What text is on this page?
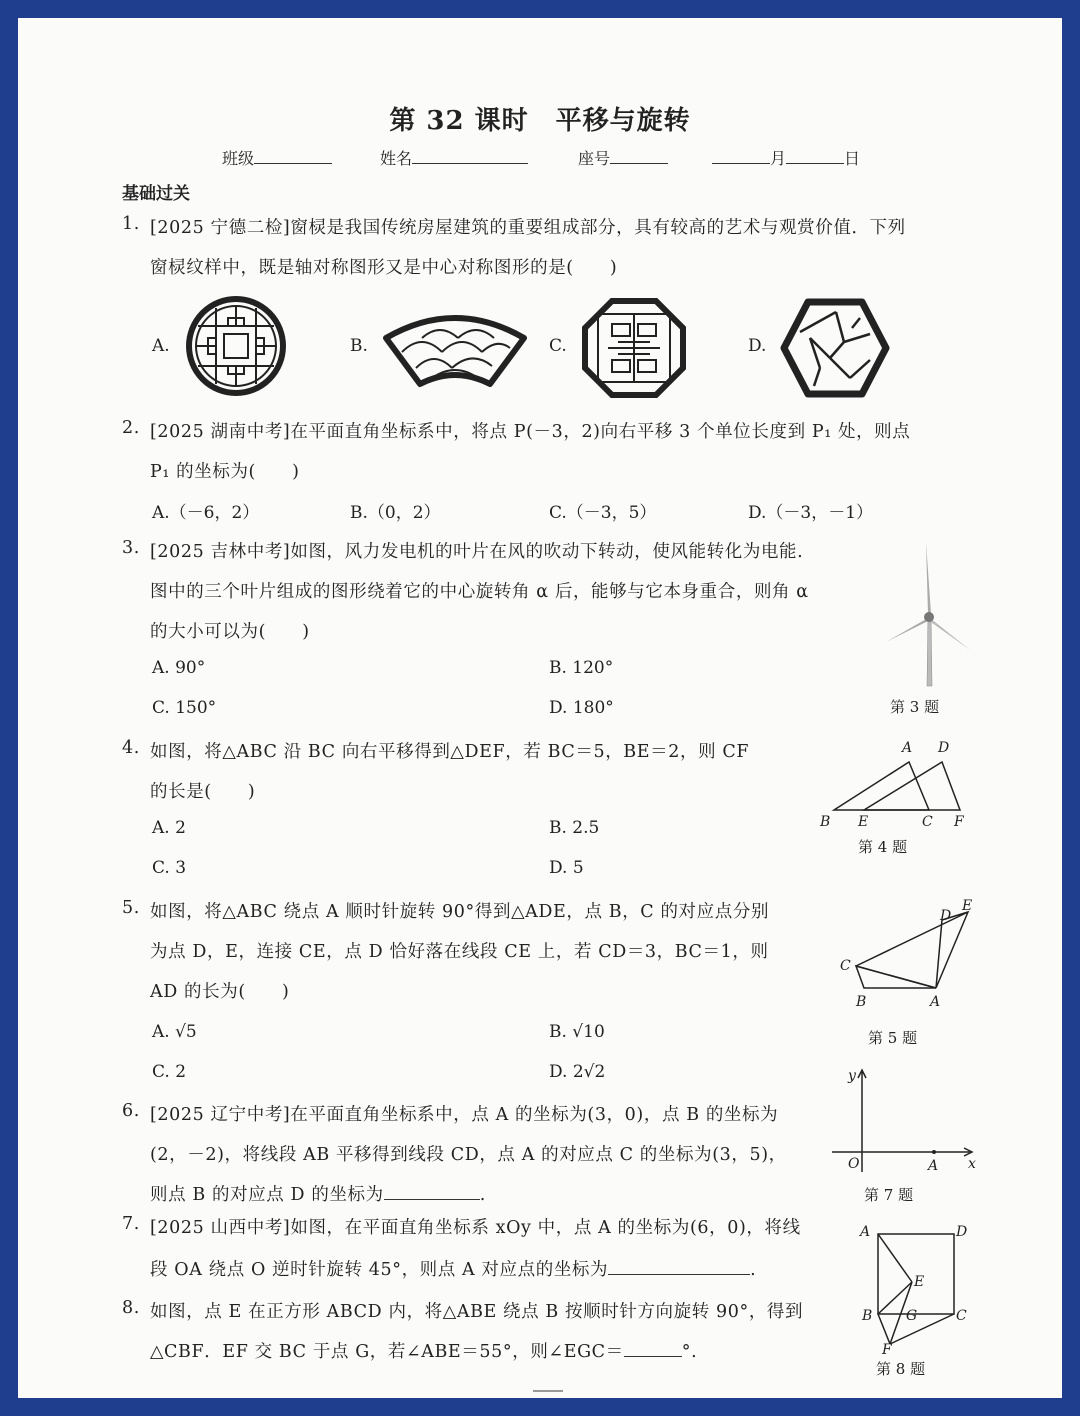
第 32 课时　平移与旋转
班级	姓名	座号	月	日
基础过关
1. [2025 宁德二检]窗棂是我国传统房屋建筑的重要组成部分，具有较高的艺术与观赏价值．下列
窗棂纹样中，既是轴对称图形又是中心对称图形的是(　　)
A.	B.	C.	D.
2. [2025 湖南中考]在平面直角坐标系中，将点 P(－3，2)向右平移 3 个单位长度到 P₁ 处，则点
P₁ 的坐标为(　　)
A.（－6，2）	B.（0，2）	C.（－3，5）	D.（－3，－1）
3. [2025 吉林中考]如图，风力发电机的叶片在风的吹动下转动，使风能转化为电能.
图中的三个叶片组成的图形绕着它的中心旋转角 α 后，能够与它本身重合，则角 α
的大小可以为(　　)
A. 90°	B. 120°
C. 150°	D. 180°	第 3 题
4. 如图，将△ABC 沿 BC 向右平移得到△DEF，若 BC＝5，BE＝2，则 CF
的长是(　　)
A. 2	B. 2.5
C. 3	D. 5
A D
B E	C F
第 4 题
5. 如图，将△ABC 绕点 A 顺时针旋转 90°得到△ADE，点 B，C 的对应点分别
为点 D，E，连接 CE，点 D 恰好落在线段 CE 上，若 CD＝3，BC＝1，则
AD 的长为(　　)
A. √5	B. √10
C. 2	D. 2√2
D
E
C
B	A
第 5 题
6. [2025 辽宁中考]在平面直角坐标系中，点 A 的坐标为(3，0)，点 B 的坐标为
(2，－2)，将线段 AB 平移得到线段 CD，点 A 的对应点 C 的坐标为(3，5)，
则点 B 的对应点 D 的坐标为	.
y
x
O	A
第 7 题
7. [2025 山西中考]如图，在平面直角坐标系 xOy 中，点 A 的坐标为(6，0)，将线
段 OA 绕点 O 逆时针旋转 45°，则点 A 对应点的坐标为	.
8. 如图，点 E 在正方形 ABCD 内，将△ABE 绕点 B 按顺时针方向旋转 90°，得到
△CBF．EF 交 BC 于点 G，若∠ABE＝55°，则∠EGC＝	°.
A	D
E
B G	C
F
第 8 题
